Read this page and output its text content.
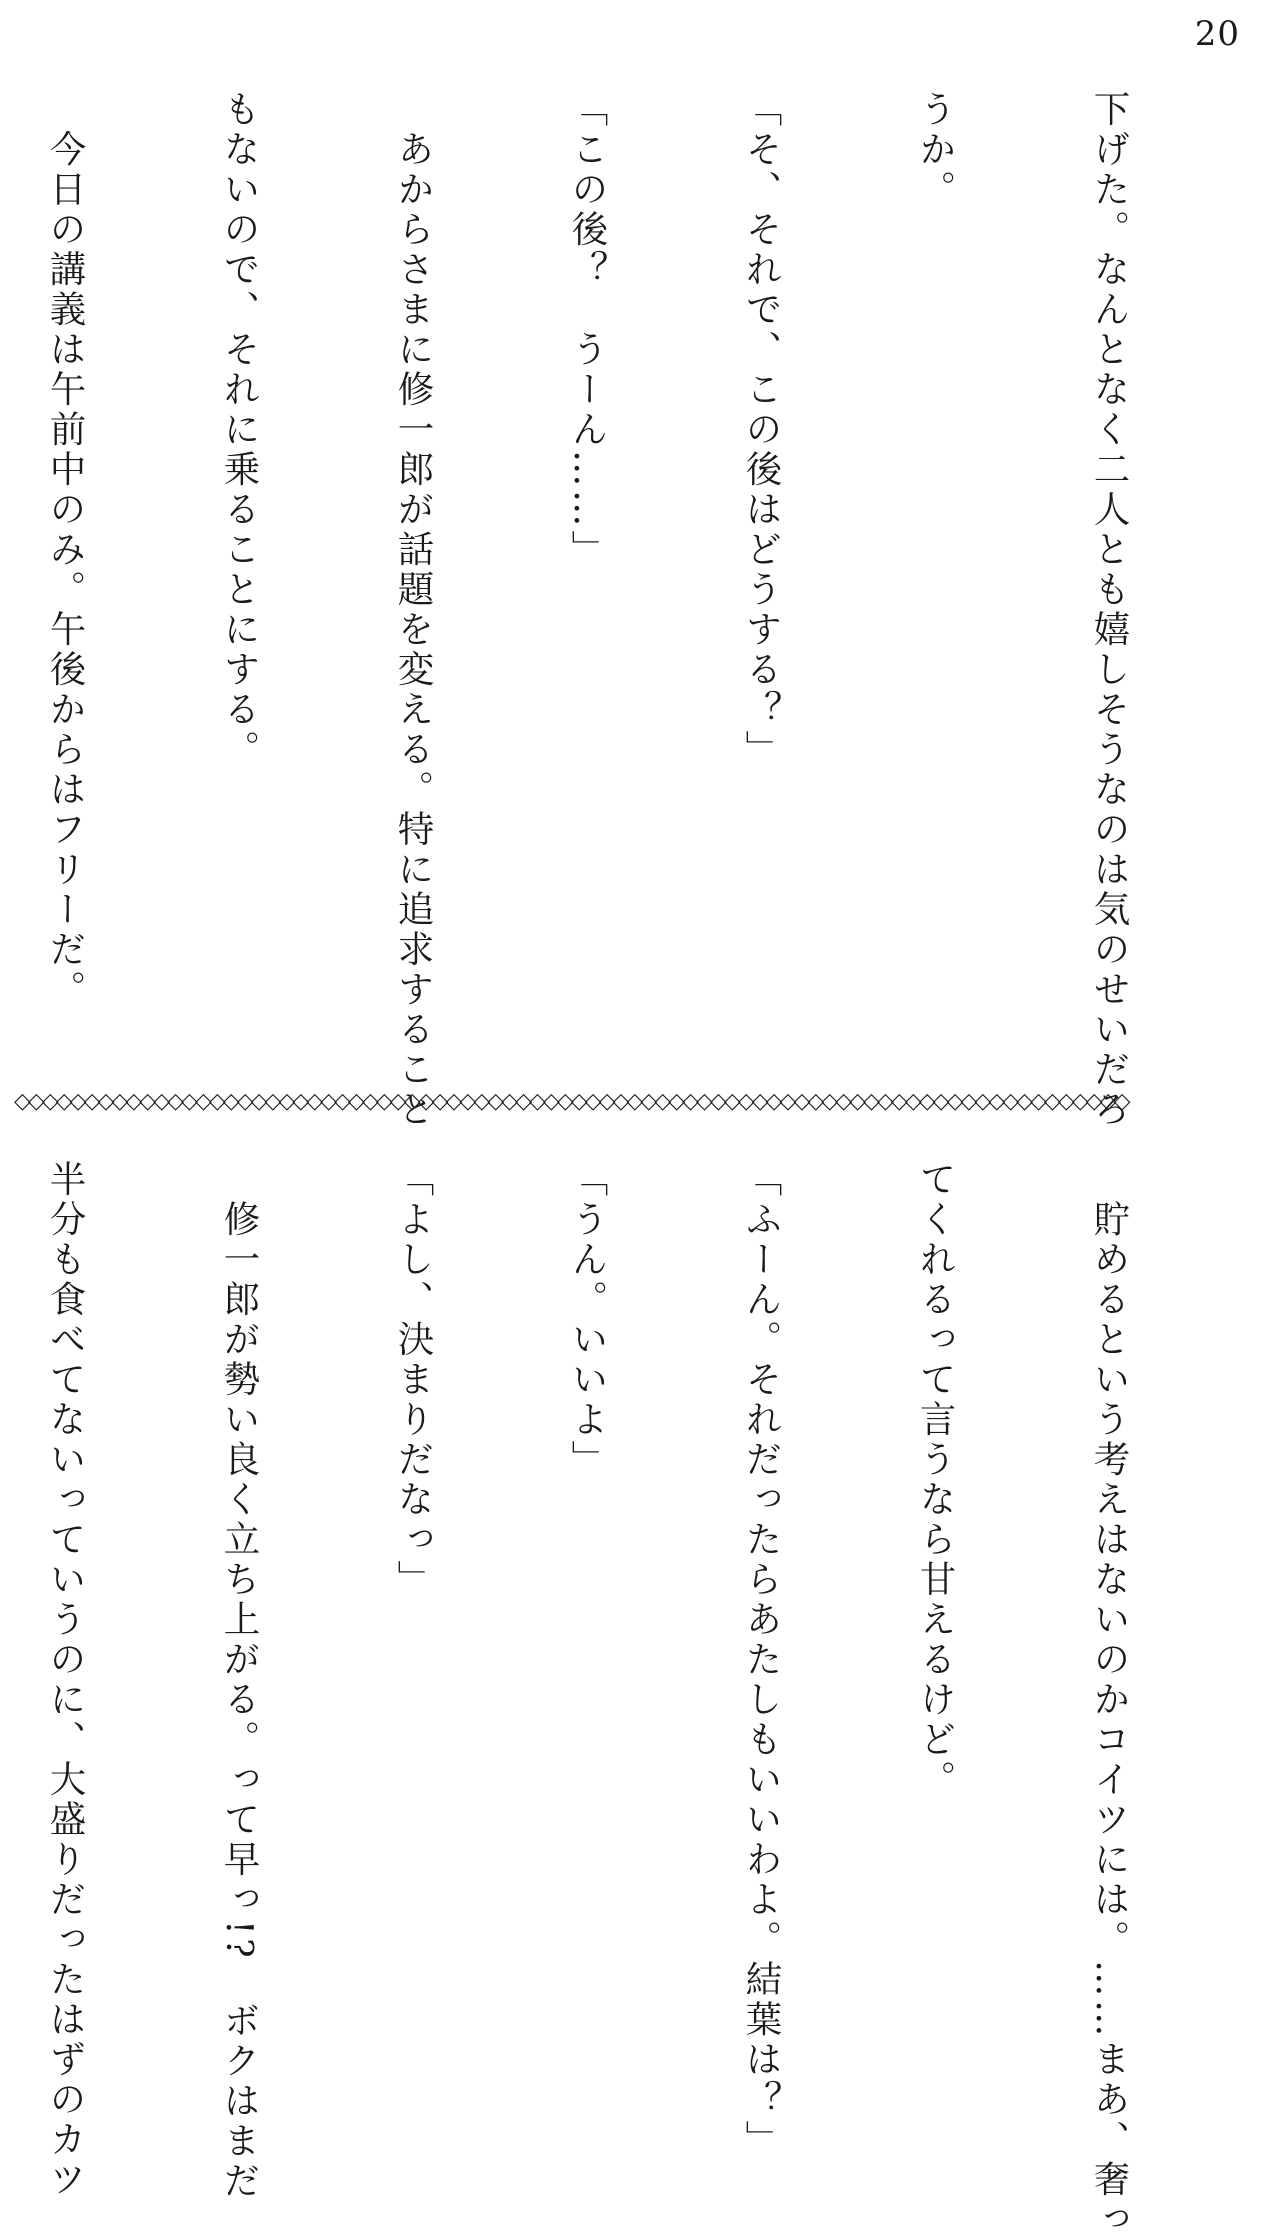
20

下げた。なんとなく二人とも嬉しそうなのは気のせいだろ

うか。

「そ、それで、この後はどうする？」

「この後？　うーん……」

　あからさまに修一郎が話題を変える。特に追求すること

もないので、それに乗ることにする。

　今日の講義は午前中のみ。午後からはフリーだ。

◇◇◇◇◇◇◇◇◇◇◇◇◇◇◇◇◇◇◇◇◇◇◇◇◇◇◇◇◇◇◇◇◇◇◇◇◇◇◇◇◇◇◇◇◇◇◇◇◇◇◇◇◇◇◇◇◇◇◇◇◇◇◇◇◇◇◇◇◇◇◇◇◇◇◇◇◇◇◇◇

　貯めるという考えはないのかコイツには。……まあ、奢っ

てくれるって言うなら甘えるけど。

「ふーん。それだったらあたしもいいわよ。結葉は？」

「うん。いいよ」

「よし、決まりだなっ」

　修一郎が勢い良く立ち上がる。って早っ!?　ボクはまだ

半分も食べてないっていうのに、大盛りだったはずのカツ
